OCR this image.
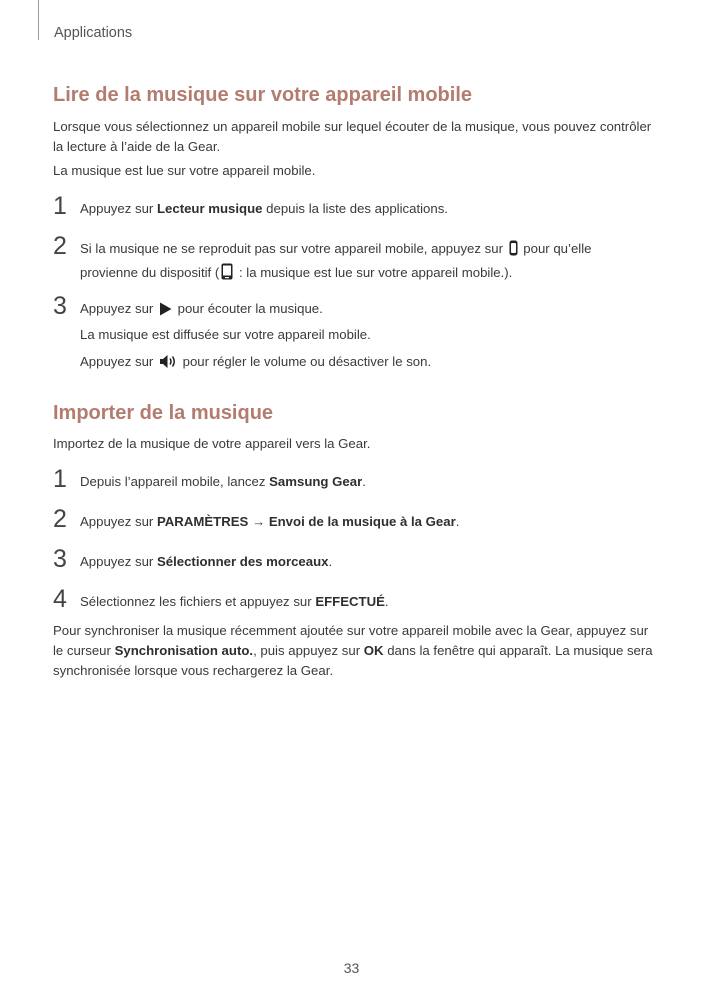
Applications
Lire de la musique sur votre appareil mobile

Lorsque vous sélectionnez un appareil mobile sur lequel écouter de la musique, vous pouvez contrôler la lecture à l’aide de la Gear.

La musique est lue sur votre appareil mobile.

1 Appuyez sur Lecteur musique depuis la liste des applications.
2 Si la musique ne se reproduit pas sur votre appareil mobile, appuyez sur  pour qu’elle
provienne du dispositif ( : la musique est lue sur votre appareil mobile.).
3 Appuyez sur  pour écouter la musique.
La musique est diffusée sur votre appareil mobile.
Appuyez sur  pour régler le volume ou désactiver le son.
Importer de la musique

Importez de la musique de votre appareil vers la Gear.

1 Depuis l’appareil mobile, lancez Samsung Gear.
2 Appuyez sur PARAMÈTRES → Envoi de la musique à la Gear.
3 Appuyez sur Sélectionner des morceaux.
4 Sélectionnez les fichiers et appuyez sur EFFECTUÉ.

Pour synchroniser la musique récemment ajoutée sur votre appareil mobile avec la Gear, appuyez sur le curseur Synchronisation auto., puis appuyez sur OK dans la fenêtre qui apparaît. La musique sera synchronisée lorsque vous rechargerez la Gear.

33
